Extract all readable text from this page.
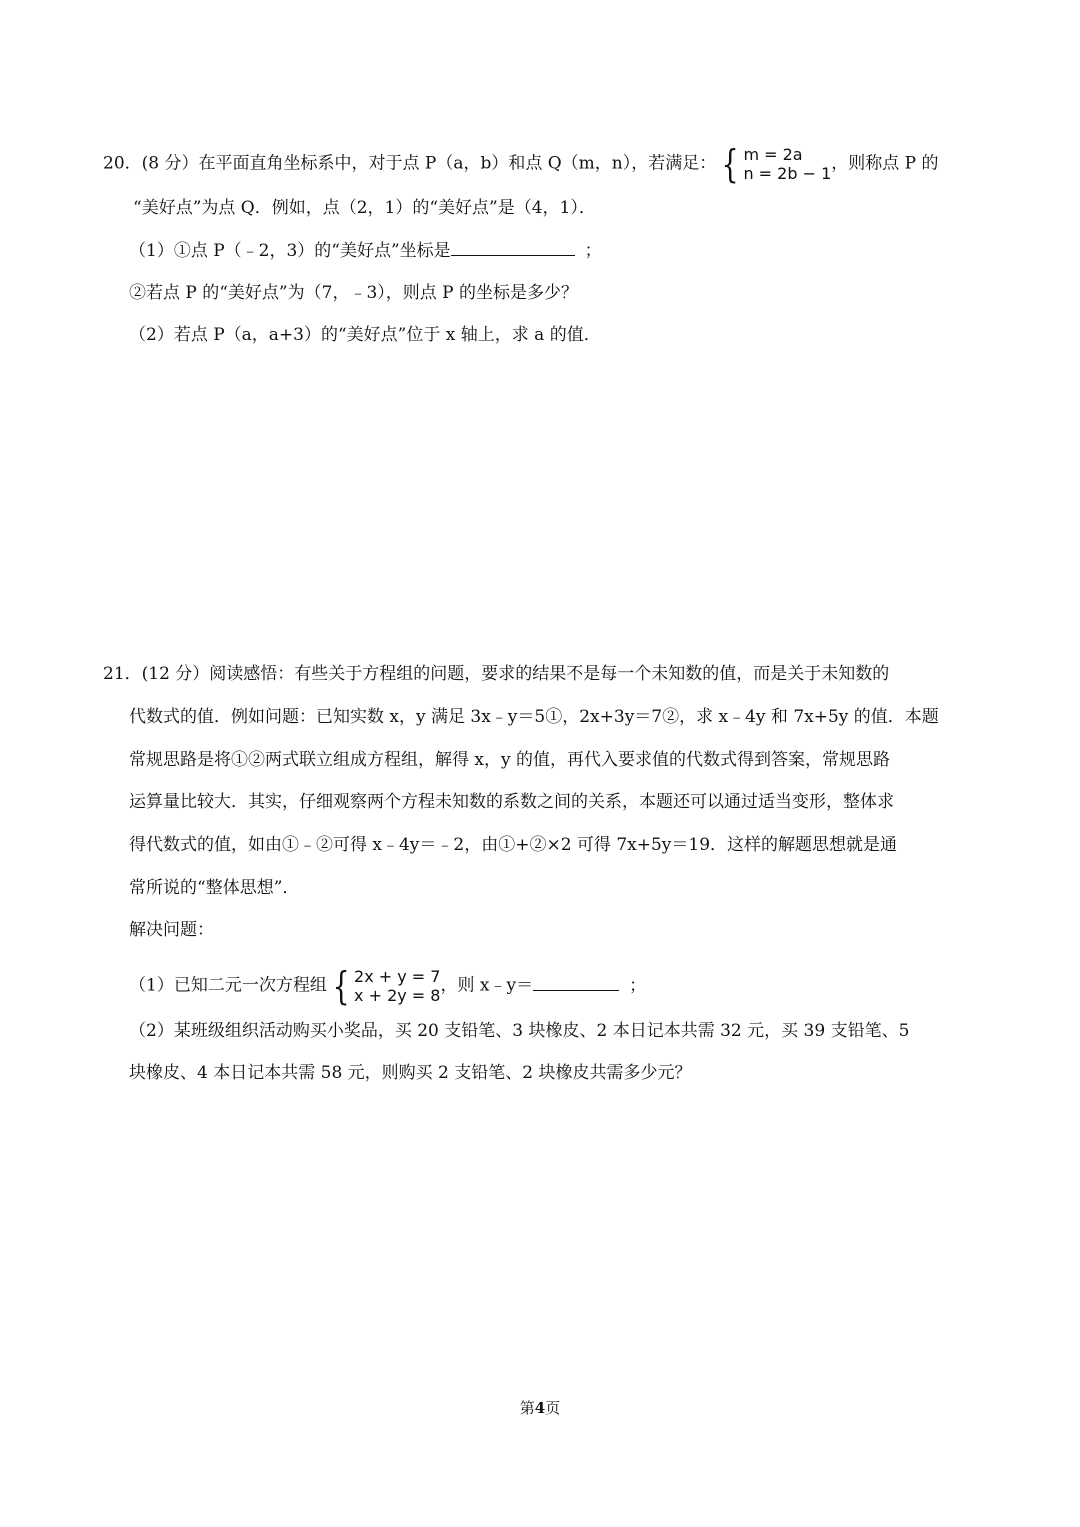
20．(8 分）在平面直角坐标系中，对于点 P（a，b）和点 Q（m，n），若满足： { m = 2a
n = 2b − 1 ，则称点 P 的
“美好点”为点 Q．例如，点（2，1）的“美好点”是（4，1）．
（1）①点 P（﹣2，3）的“美好点”坐标是	；
②若点 P 的“美好点”为（7，﹣3），则点 P 的坐标是多少？
（2）若点 P（a，a+3）的“美好点”位于 x 轴上，求 a 的值．
21．(12 分）阅读感悟：有些关于方程组的问题，要求的结果不是每一个未知数的值，而是关于未知数的
代数式的值．例如问题：已知实数 x，y 满足 3x﹣y＝5①，2x+3y＝7②，求 x﹣4y 和 7x+5y 的值．本题
常规思路是将①②两式联立组成方程组，解得 x，y 的值，再代入要求值的代数式得到答案，常规思路
运算量比较大．其实，仔细观察两个方程未知数的系数之间的关系，本题还可以通过适当变形，整体求
得代数式的值，如由①﹣②可得 x﹣4y＝﹣2，由①+②×2 可得 7x+5y＝19．这样的解题思想就是通
常所说的“整体思想”．
解决问题：
（1）已知二元一次方程组 { 2x + y = 7
x + 2y = 8 ，则 x﹣y＝	；
（2）某班级组织活动购买小奖品，买 20 支铅笔、3 块橡皮、2 本日记本共需 32 元，买 39 支铅笔、5
块橡皮、4 本日记本共需 58 元，则购买 2 支铅笔、2 块橡皮共需多少元？
第4页
